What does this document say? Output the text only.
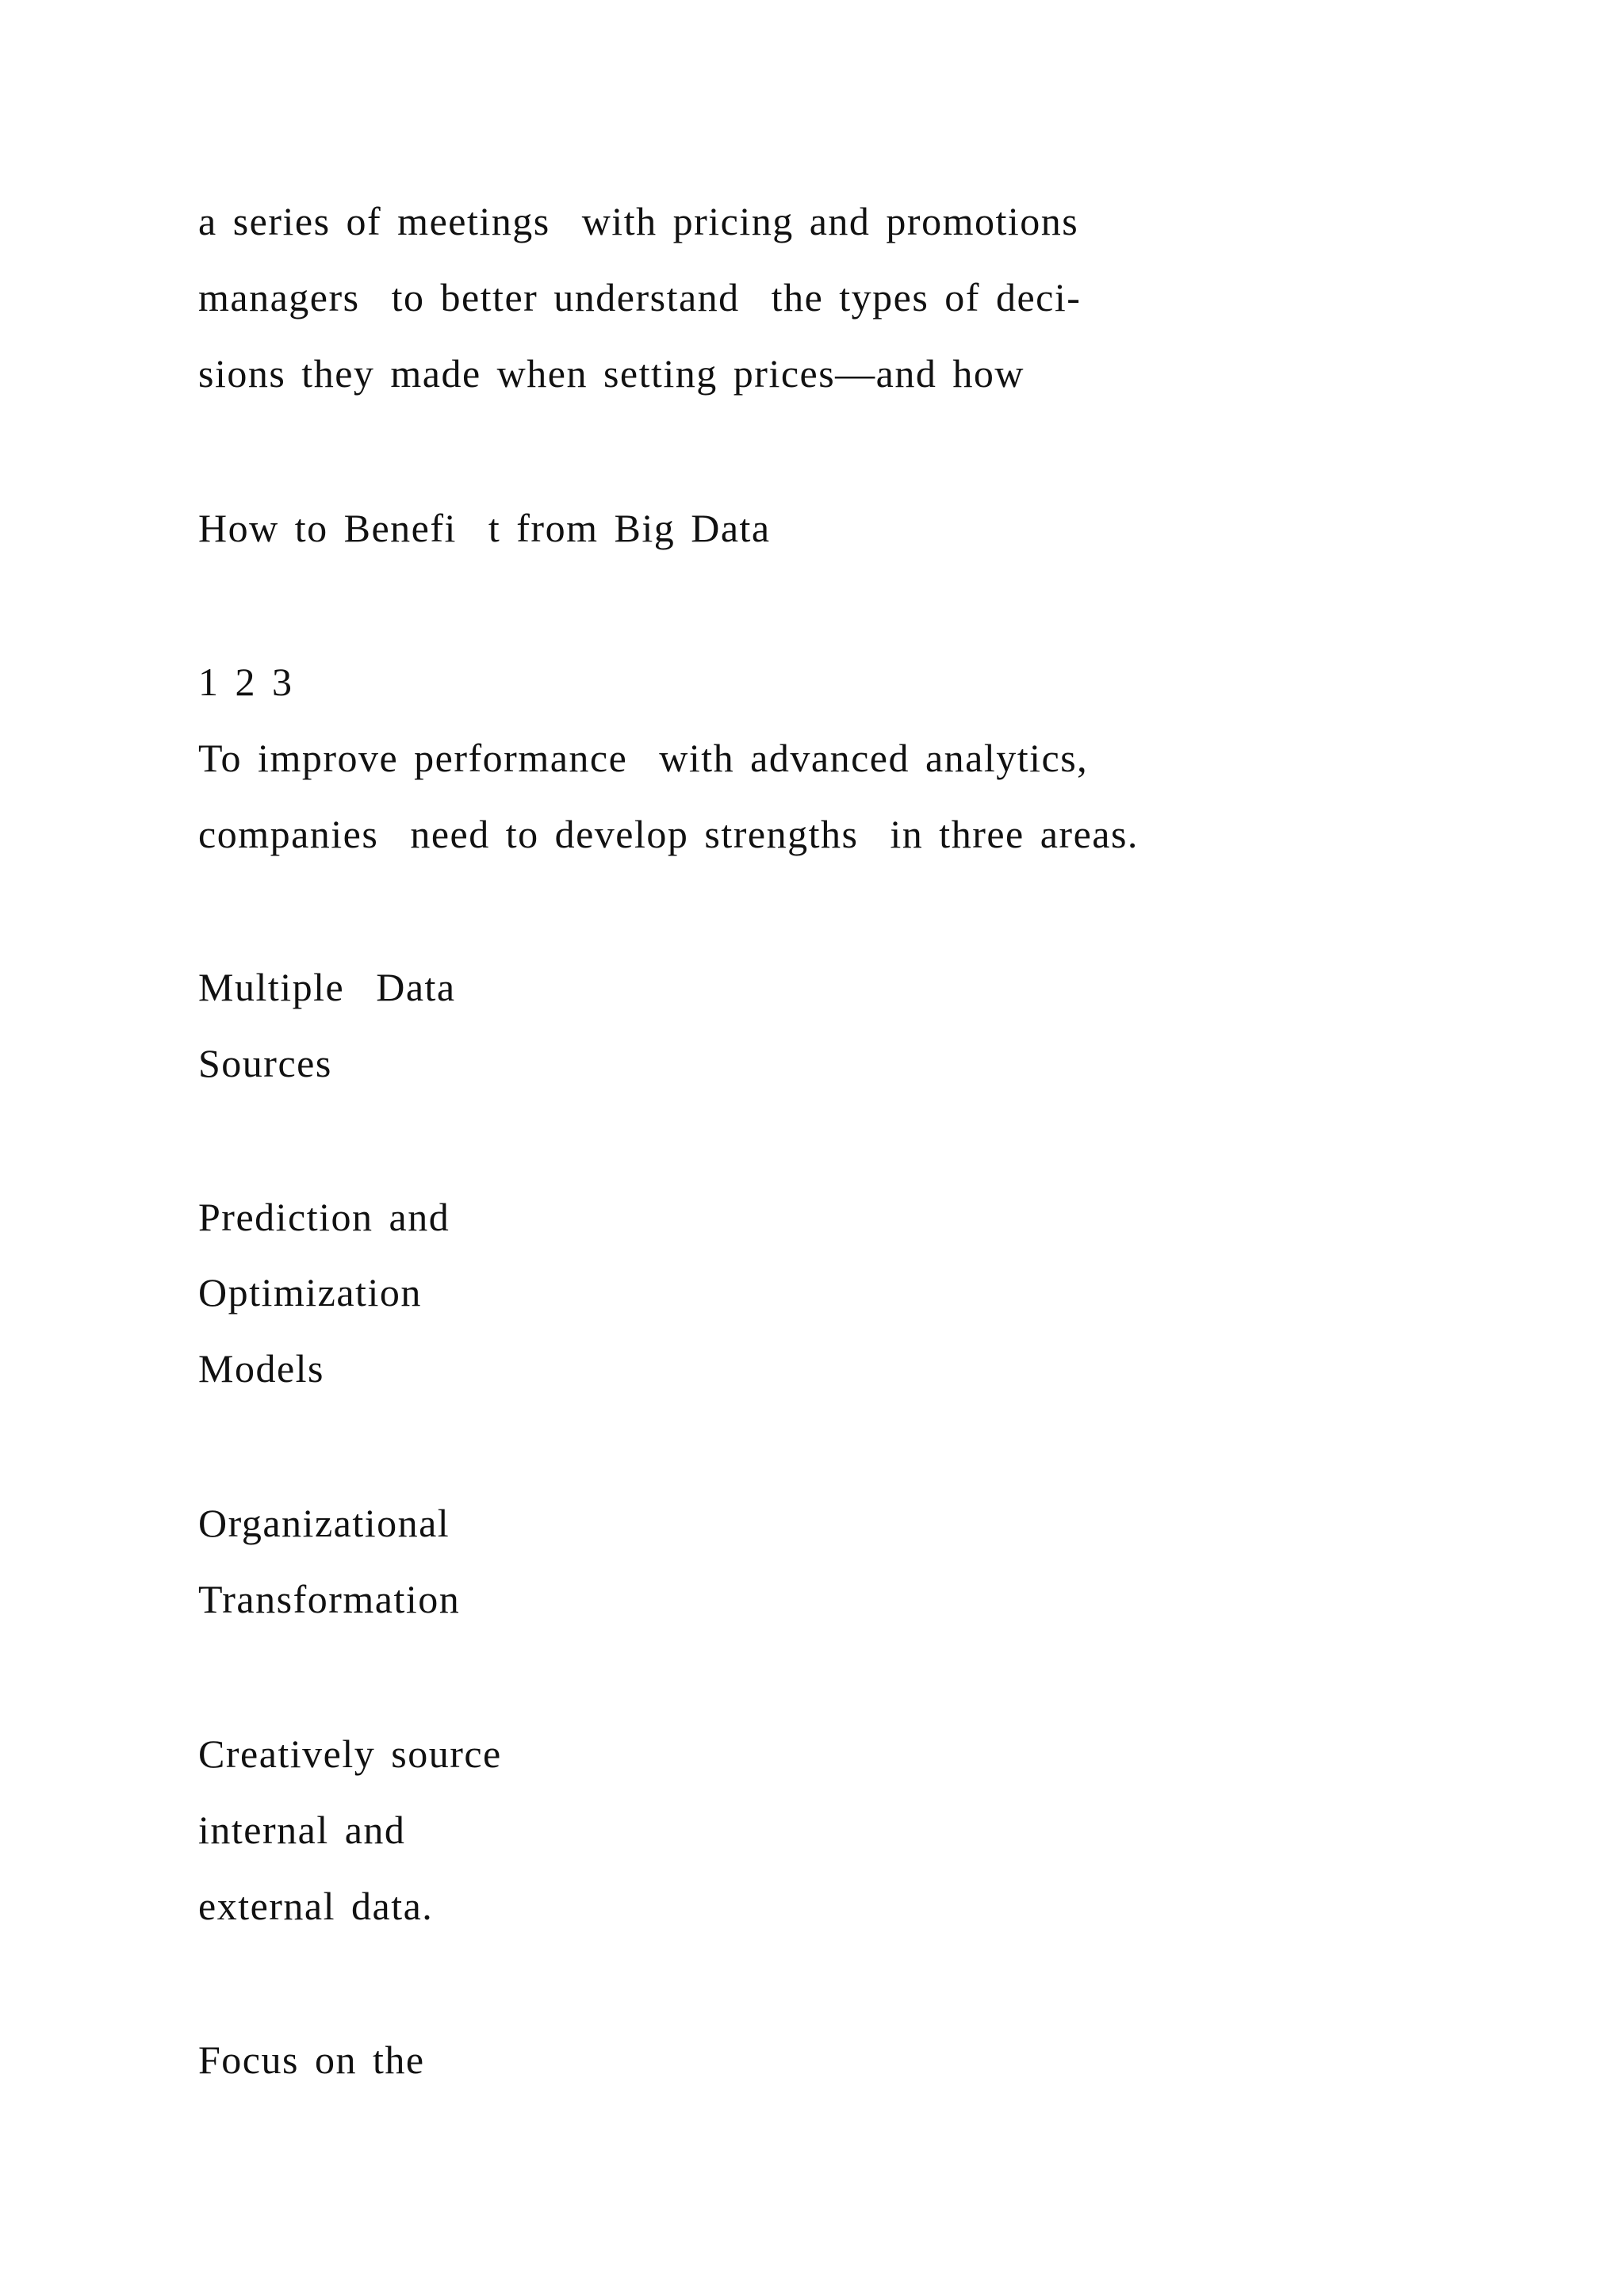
a series of meetings  with pricing and promotions

managers  to better understand  the types of deci-

sions they made when setting prices—and how

How to Benefi  t from Big Data

1 2 3

To improve performance  with advanced analytics,

companies  need to develop strengths  in three areas.

Multiple  Data

Sources

Prediction and

Optimization

Models

Organizational

Transformation

Creatively source

internal and

external data.

Focus on the
